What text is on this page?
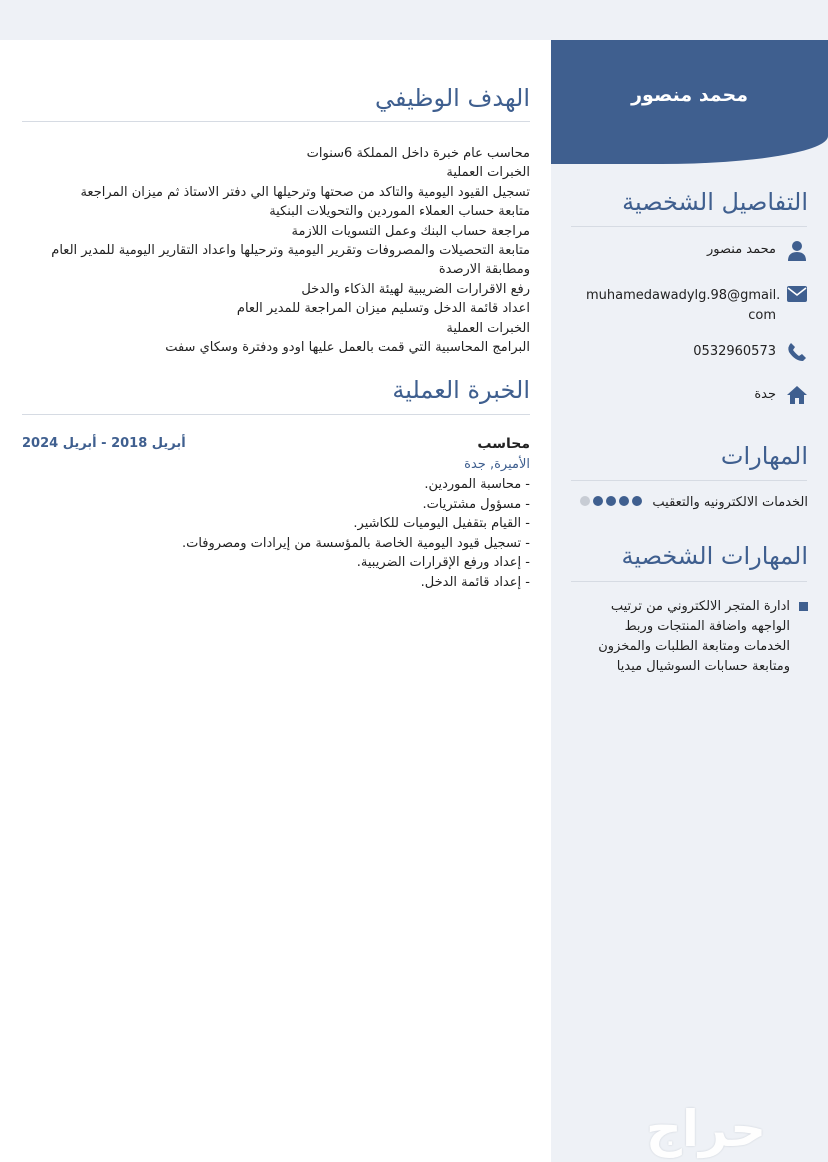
محمد منصور
التفاصيل الشخصية
محمد منصور
muhamedawadylg.98@gmail.
com
0532960573
جدة
المهارات
الخدمات الالكترونيه والتعقيب
المهارات الشخصية
ادارة المتجر الالكتروني من ترتيب الواجهه واضافة المنتجات وربط الخدمات ومتابعة الطلبات والمخزون ومتابعة حسابات السوشيال ميديا
حراج
الهدف الوظيفي
محاسب عام خبرة داخل المملكة 6سنوات
الخبرات العملية
تسجيل القيود اليومية والتاكد من صحتها وترحيلها الي دفتر الاستاذ ثم ميزان المراجعة
متابعة حساب العملاء الموردين والتحويلات البنكية
مراجعة حساب البنك وعمل التسويات اللازمة
متابعة التحصيلات والمصروفات وتقرير اليومية وترحيلها واعداد التقارير اليومية للمدير العام
ومطابقة الارصدة
رفع الاقرارات الضريبية لهيئة الذكاء والدخل
اعداد قائمة الدخل وتسليم ميزان المراجعة للمدير العام
الخبرات العملية
البرامج المحاسبية التي قمت بالعمل عليها اودو ودفترة وسكاي سفت
الخبرة العملية
محاسب
أبريل 2018 - أبريل 2024
الأميرة, جدة
- محاسبة الموردين.
- مسؤول مشتريات.
- القيام بتقفيل اليوميات للكاشير.
- تسجيل قيود اليومية الخاصة بالمؤسسة من إيرادات ومصروفات.
- إعداد ورفع الإقرارات الضريبية.
- إعداد قائمة الدخل.
